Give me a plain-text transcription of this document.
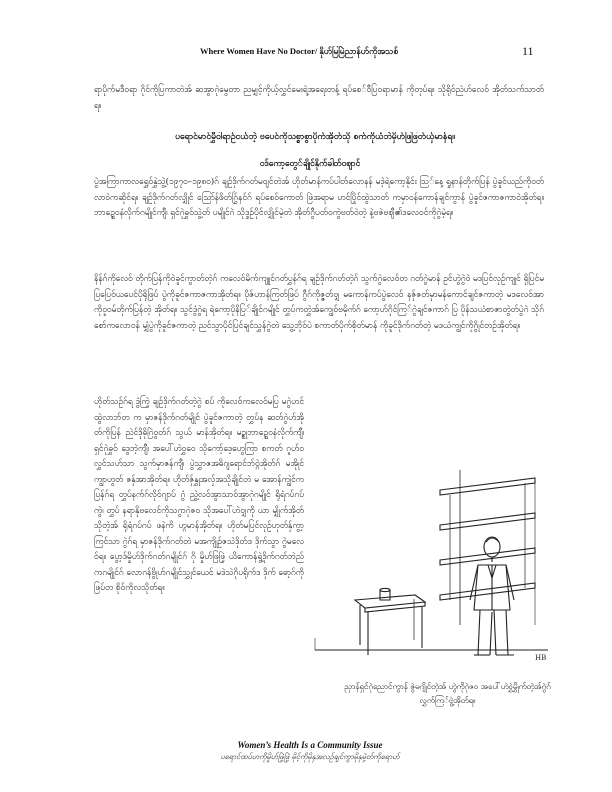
Where Women Have No Doctor/ နိုဟ်မြမြဲညာန်ဟ်ကိုအသစ်	11

ရာပိုက်မဒီဝရာ ဂိုင်ကိုပြကာတဲအ် ဆအွာဂုဲမွေတာ ညမျှင့်ကိုယ့်လွှင်မေးရဲ့အရေးတန့် ရပ်စေ်ဝီပြဝရာမာန် ကိုတုပ်ရ။ သိုရိုဝ်ညဲဟ်လေဝ် အိုတ်သက်သာတ်ရ။

ပရောင်မာင်မွှီဝါရာဥ်ငယ်ဘဲ့ ဗပေင်ကိုသစ္စာစွာပိုက်အိုတ်သို စက်ကိုယံဘဲမှိဟ်ဖြဖြတ်ယှ်မာန်ရ။
ဝဒ်ကော့တွေ်ချိုင်နိုက်ခါတ်ဝဈာင်

ပွဲအကြာကာလရွှေဝ်နွှဲသွဲ့(၁၉၇၀–၁၉၈၀)ဂ် ချဉ်ဒိုက်ဂတ်မဝျင်တဲအ် ဟိုတ်မာန်ကပ်ပါတ်လောနန် မဒဲ့ရဲကော့နိုင်း သြ်နေ့ ရှုနာန်တိုက်ပြန် ပွဲခူင်ယည်ကိုဝတ်လာ၀ဲကဆိုင်ရ။ ချဉ်ဒိုက်ဂတ်လျှိုင် ဪန်ဖိတ်ဂြွ်နင်ဂ် ရပ်စေဝ်ကောတ် ဖြဲအရာမ ဟင်ပြိုင်ထွဲသာတ် ကမှာဝန်ကောန်ချင်ကွာန် ပွဲခူင်ဇကာဇကာဝဲအိုတ်ရ။ ဘာဍ္ဍေဝနံလိုက်ဂမျိုင်ကျီ၊ ရှင်ဂုဲဓွှဝ်သွဲ့တ် ပမျိုင်ဂဲ သိုဒ္ဒဉ်ပိုင်လျှိုင်မဲ့တဲ အိုတ်ဂွီပတ်ဝကွဲဗတ်ဝဲတဲ့ နဲ့ဗဇဲဗဈီ၏ဒလေ၀င်ကိုဂွဲမဲ့ရ။

နိန်ဂ်ကိုလေဝ် တိုက်ပြန်ကိုဝဲခူင်ကွာတ်တဲ့ဂ် ကလေဝ်မိက်ကျူင်ဂတ်ပွှန်ဂ်ရ ချဉ်ဒိုက်ဂတ်တဲ့ဂ် သွက်ဂွဲလေဝ်တ ဂတ်ဂွဲမာန် ဥင်ဟွဲဂွဲဝဲ မဒပြင်လုဉ်ကျုင် ရှိပြင်မပြပြေဝ်ယပေင်ပိုရိုဖြပ် ပွဲကိုခူင်ဇကာဇကာအိုတ်ရ။ ပိုဇ်ဟာန်ကြတ်ဖြပ် ဂွီဂ်ကိုဇ္ဇတ်ဝျှ မကောန်ကပ်ပွဲလေဝ် နဇှ်ဇတ်မှာမန်ကောင်ချင်ဇကာတဲ့ မဒလေဝ်အာကိုဝ္ဍဝမ်တိုက်ပြန်တဲ့ အိုတ်ရ။ သွင်ဒွံဂွဲရ ရဲကော့ပိုနိပြ်ချိုင်ဂမျိုင် တွှပ်ကတွှဲအ်ကျွေဝ်ဗမိုက်ဂ် ကော့ဟ်ဂိုင်ကြ်ဂွဲချင်ဇကာဂ် ပြ ပိုန်သယံစာဇာတွဲတ်ပွဲဂဲ သိုဂ်စော်ကလောဝန် မျှံပွဲကိုခူင်ဇကာတဲ့ ညင်သွာပိုင်ပြင်ချင်သွှန်ဂွဲတဲ သွေ့ဘိုဝ်ပဲ စကာတ်ပိုက်စိုတ်မာန် ကိုခူင်ဒိုက်ဂတ်တဲ့ မဒယံကျွင်ကိုဂွိုင်တဉ်အိုတ်ရ။

ဟိုတ်သဉ်ဂ်ရ ဒွံကြဲ့ ချဉ်ဒိုက်ဂတ်တဲ့ဂွဲ စပ် ကိုလေဝ်ကလေဝ်မပြ မဂွဲဟင်ထွဲလာဘ်တ က မှာဇန်ဒိုက်ဂတ်မျိုင် ပွဲခူင်ဇကာတဲ့ တွှပ်န ဆတ်ဂွဲဟ်အိုတ်ကိုပြန် ညဲင်ဒိုဓိုဂြဲဝွတ်ဂ် သွယ် မာန်အိုတ်ရ။ မဥ္စုဘာဍ္ဍေဝနံလိုက်ကျီ၊ ရှင်ဂုဲဓွှဝ် ဒွေဘဲ့ကျီ၊ အပေါ်ဟဲ၀ွှဝေ သိုကော့်ဒေ့ဟွေကြာ စကတ် ဂူဟ်ဝလွှင်သဟ်သာ သွက်မှာဇန်ကျီ၊ ပွဲသွှာဇအဓိဂျရောင်ဘ်ဝ္ဂဲအိုတ်ဂ် မအိုုင်ကျွာဟွတ် ဇနှ်အာအိုတ်ရ။ ဟိုတ်ဇှ်နွှုအလှ်အသိုချိုင်တဲ မ အောန်ကျွဲင်ကပြန်ဂ်ရ တွှပ်နက်ဂ်လိုဝ်ဂျာပ် ဂွံ ညွှဲ့လဝ်အွာသာဝ်အွာဂုဲဂမျိုင် ရိုရံဂပ်ဂပ်ကွဲ၊ တွှပ် နရာနိုဗလေင်ကိုသဂွာဂုဲဇ၀ သိုအပေါ်ဟဲ၀ျှကို ယာ မျှိုက်အိုတ်သိုတဲ့အ် ရိုရံဂပ်ဂပ် ဖနဲကိ ဟ္ဂမာန်အိုတ်ရ။ ဟိုတ်မပြင်လုဉ်ဟုတ်နှ်ကွာ့ကြင်သာ ဂွဲဂ်ရ မှာဇန်ဒိုက်ဂတ်တဲ မအကျိုဉ်ဇသဲဒိုတ်ဒ ဒိုက်သွာ ဂွဲမလေဝ်ရ။ ပွော့ဒ်မှိုဟ်ဒိုက်ဂတ်ဂမျိုင်ဂ် ဂို မှိုဟ်ဖြဖြဲ့ ယိကောန်ရွဲ့ဒိုက်ဂတ်ဘဲည်ကဂမျိုင်ဂ် လောဂန်ဗွိုဟ်ဂမျိုင်သွှုင်ယေင် မဒဲသဲဂိုပရိုက်ဒ ဒိုက် ဓော့ဂ်ကိုဖြပ်တ စိုဝ်ကိုလသိုတ်ရ။

HB
ညှာန်ရှင်ဂုဲညောင်ကွာန် ဇွဲမဂျိုင်တဲ့အ် ဟွဲကိုဂုဲဇ၀ အပေါ်ဟဲ၀ွှဲမွှိုက်တဲ့အ်ဂွဲဂ် လွှက်ကြ်ဗွဲ့အိုတ်ရ။
Women’s Health Is a Community Issue
ပရောင်ထပ်ဟကိုမှိုဟ်ဖြဲ့ဖြဲ့ မိုင့်ကိုမိုနှအလဉ်ချင်ကွာမိုနှမှဲ့တ်ကိုရောဟ်
